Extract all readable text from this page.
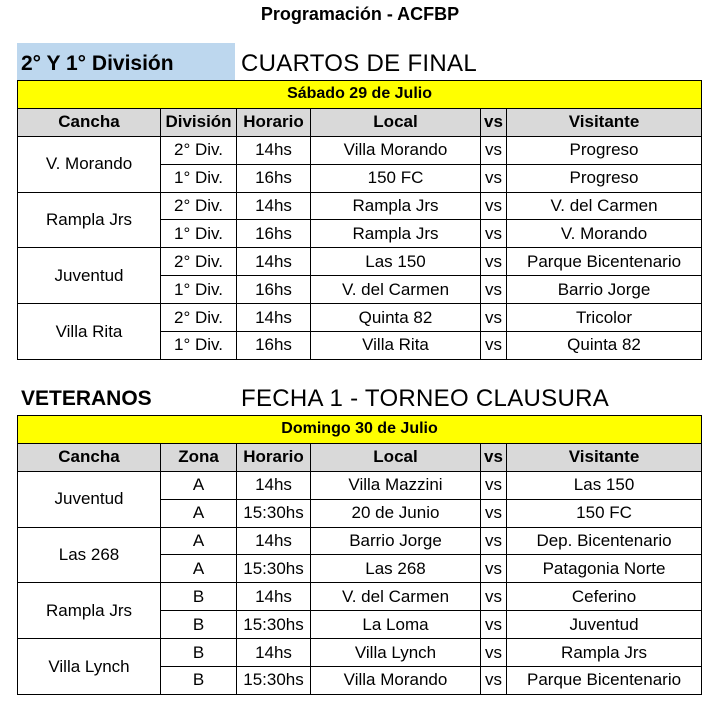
Programación - ACFBP
2° Y 1° División	CUARTOS DE FINAL
Sábado 29 de Julio					
Cancha	División	Horario	Local	vs	Visitante
V. Morando	2° Div.	14hs	Villa Morando	vs	Progreso
	1° Div.	16hs	150 FC	vs	Progreso
Rampla Jrs	2° Div.	14hs	Rampla Jrs	vs	V. del Carmen
	1° Div.	16hs	Rampla Jrs	vs	V. Morando
Juventud	2° Div.	14hs	Las 150	vs	Parque Bicentenario
	1° Div.	16hs	V. del Carmen	vs	Barrio Jorge
Villa Rita	2° Div.	14hs	Quinta 82	vs	Tricolor
	1° Div.	16hs	Villa Rita	vs	Quinta 82
VETERANOS	FECHA 1 - TORNEO CLAUSURA
Domingo 30 de Julio					
Cancha	Zona	Horario	Local	vs	Visitante
Juventud	A	14hs	Villa Mazzini	vs	Las 150
	A	15:30hs	20 de Junio	vs	150 FC
Las 268	A	14hs	Barrio Jorge	vs	Dep. Bicentenario
	A	15:30hs	Las 268	vs	Patagonia Norte
Rampla Jrs	B	14hs	V. del Carmen	vs	Ceferino
	B	15:30hs	La Loma	vs	Juventud
Villa Lynch	B	14hs	Villa Lynch	vs	Rampla Jrs
	B	15:30hs	Villa Morando	vs	Parque Bicentenario
